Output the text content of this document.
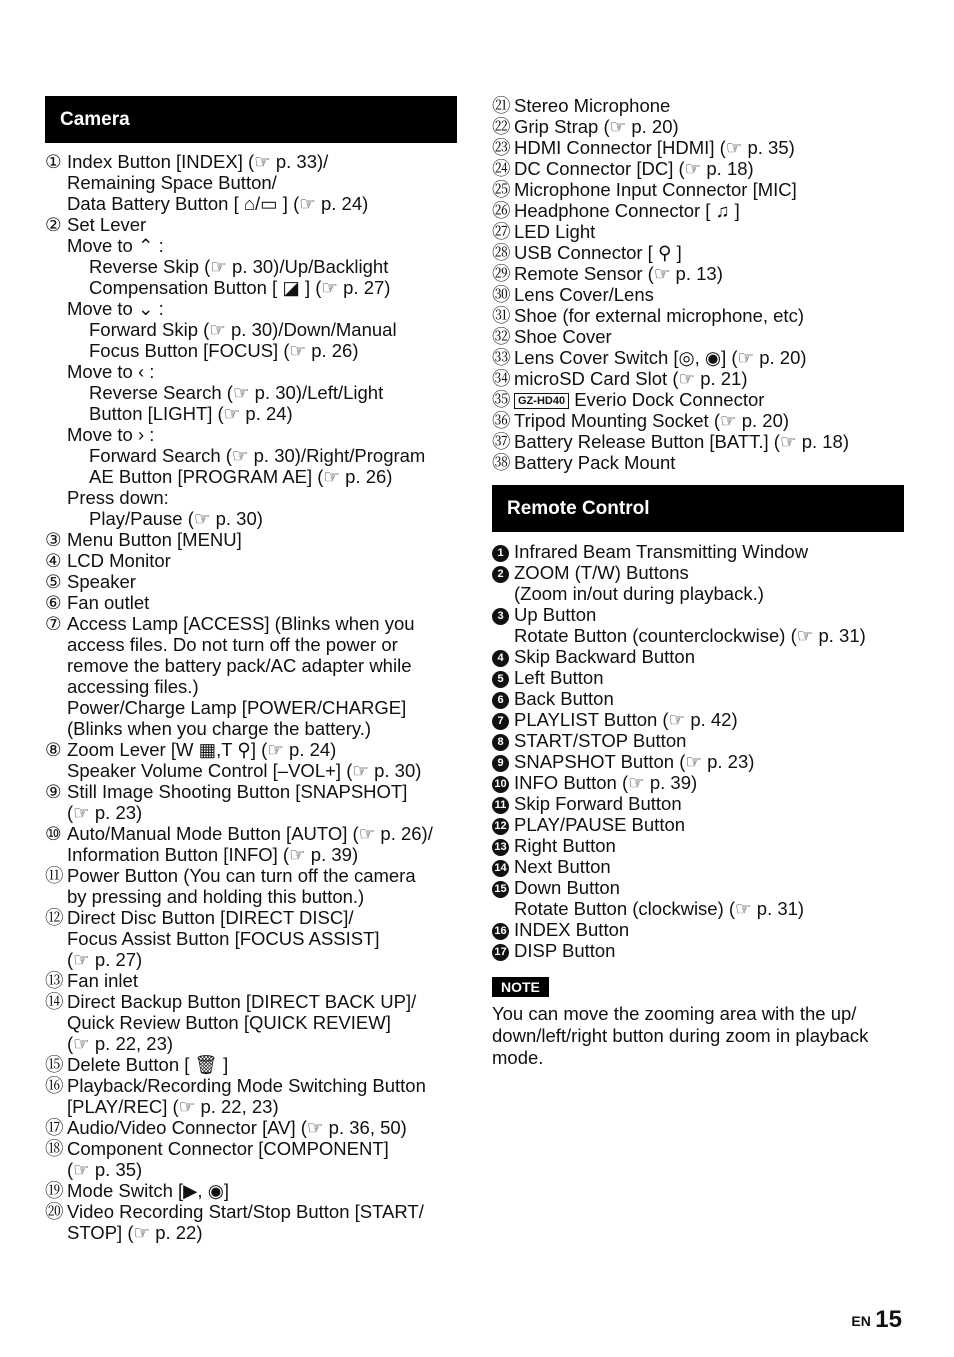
Camera
① Index Button [INDEX] (☞ p. 33)/
Remaining Space Button/
Data Battery Button [ ⌂/▭ ] (☞ p. 24)
② Set Lever
Move to ⌃ :
Reverse Skip (☞ p. 30)/Up/Backlight
Compensation Button [ ◪ ] (☞ p. 27)
Move to ⌄ :
Forward Skip (☞ p. 30)/Down/Manual
Focus Button [FOCUS] (☞ p. 26)
Move to ‹ :
Reverse Search (☞ p. 30)/Left/Light
Button [LIGHT] (☞ p. 24)
Move to › :
Forward Search (☞ p. 30)/Right/Program
AE Button [PROGRAM AE] (☞ p. 26)
Press down:
Play/Pause (☞ p. 30)
③ Menu Button [MENU]
④ LCD Monitor
⑤ Speaker
⑥ Fan outlet
⑦ Access Lamp [ACCESS] (Blinks when you
access files. Do not turn off the power or
remove the battery pack/AC adapter while
accessing files.)
Power/Charge Lamp [POWER/CHARGE]
(Blinks when you charge the battery.)
⑧ Zoom Lever [W ▦,T ⚲] (☞ p. 24)
Speaker Volume Control [–VOL+] (☞ p. 30)
⑨ Still Image Shooting Button [SNAPSHOT]
(☞ p. 23)
⑩ Auto/Manual Mode Button [AUTO] (☞ p. 26)/
Information Button [INFO] (☞ p. 39)
⑪ Power Button (You can turn off the camera
by pressing and holding this button.)
⑫ Direct Disc Button [DIRECT DISC]/
Focus Assist Button [FOCUS ASSIST]
(☞ p. 27)
⑬ Fan inlet
⑭ Direct Backup Button [DIRECT BACK UP]/
Quick Review Button [QUICK REVIEW]
(☞ p. 22, 23)
⑮ Delete Button [ 🗑 ]
⑯ Playback/Recording Mode Switching Button
[PLAY/REC] (☞ p. 22, 23)
⑰ Audio/Video Connector [AV] (☞ p. 36, 50)
⑱ Component Connector [COMPONENT]
(☞ p. 35)
⑲ Mode Switch [▶, ◉]
⑳ Video Recording Start/Stop Button [START/
STOP] (☞ p. 22)
㉑ Stereo Microphone
㉒ Grip Strap (☞ p. 20)
㉓ HDMI Connector [HDMI] (☞ p. 35)
㉔ DC Connector [DC] (☞ p. 18)
㉕ Microphone Input Connector [MIC]
㉖ Headphone Connector [ ♫ ]
㉗ LED Light
㉘ USB Connector [ ⚲ ]
㉙ Remote Sensor (☞ p. 13)
㉚ Lens Cover/Lens
㉛ Shoe (for external microphone, etc)
㉜ Shoe Cover
㉝ Lens Cover Switch [◎, ◉] (☞ p. 20)
㉞ microSD Card Slot (☞ p. 21)
㉟ GZ-HD40 Everio Dock Connector
㊱ Tripod Mounting Socket (☞ p. 20)
㊲ Battery Release Button [BATT.] (☞ p. 18)
㊳ Battery Pack Mount
Remote Control
1 Infrared Beam Transmitting Window
2 ZOOM (T/W) Buttons
(Zoom in/out during playback.)
3 Up Button
Rotate Button (counterclockwise) (☞ p. 31)
4 Skip Backward Button
5 Left Button
6 Back Button
7 PLAYLIST Button (☞ p. 42)
8 START/STOP Button
9 SNAPSHOT Button (☞ p. 23)
10 INFO Button (☞ p. 39)
11 Skip Forward Button
12 PLAY/PAUSE Button
13 Right Button
14 Next Button
15 Down Button
Rotate Button (clockwise) (☞ p. 31)
16 INDEX Button
17 DISP Button
NOTE
You can move the zooming area with the up/ down/left/right button during zoom in playback mode.
EN 15
